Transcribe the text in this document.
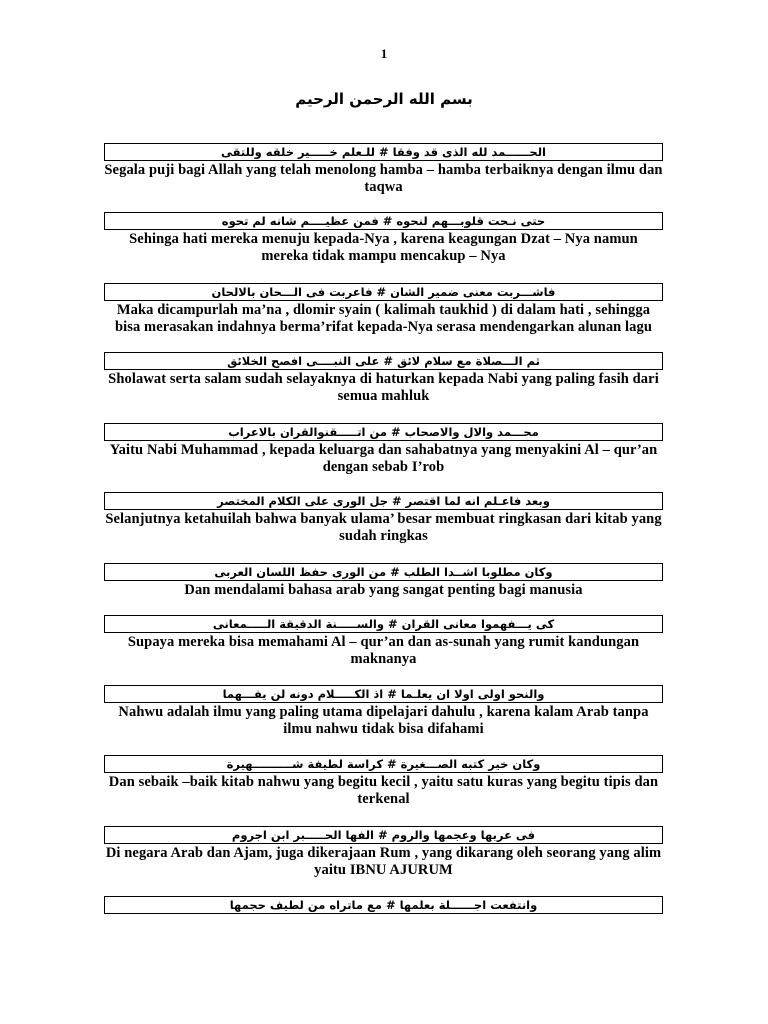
1
بسم الله الرحمن الرحيم
الحــــــمد لله الذى قد وفقا # للـعلم خـــــير خلقه وللتقى
Segala puji bagi Allah yang telah menolong hamba – hamba terbaiknya dengan ilmu dan taqwa
حتى نـحت قلوبـــهم لنحوه # فمن عظيــــم شانه لم تحوه
Sehinga hati mereka menuju kepada-Nya , karena keagungan Dzat – Nya namun mereka tidak mampu mencakup – Nya
فاشـــربت معنى ضمير الشان # فاعربت فى الـــحان بالالحان
Maka dicampurlah ma’na , dlomir syain ( kalimah taukhid ) di dalam hati , sehingga bisa merasakan indahnya berma’rifat kepada-Nya serasa mendengarkan alunan lagu
ثم الـــصلاة مع سلام لائق # على النبــــى افصح الخلائق
Sholawat serta salam sudah selayaknya di haturkan kepada Nabi yang paling fasih dari semua mahluk
محـــمد والال والاصحاب # من اتـــــقنوالقران بالاعراب
Yaitu Nabi Muhammad , kepada keluarga dan sahabatnya yang menyakini Al – qur’an dengan sebab I’rob
وبعد فاعـلم انه لما اقتصر # جل الورى على الكلام المختصر
Selanjutnya ketahuilah bahwa banyak ulama’ besar membuat ringkasan dari kitab yang sudah ringkas
وكان مطلوبا اشــدا الطلب # من الورى حفظ اللسان العربى
Dan mendalami bahasa arab yang sangat penting bagi manusia
كى يـــفهموا معانى القران # والســـــنة الدقيقة الـــــمعانى
Supaya mereka bisa memahami Al – qur’an dan as-sunah yang rumit kandungan maknanya
والنحو اولى اولا ان يعلـما # اذ الكـــــلام دونه لن يفـــهما
Nahwu adalah ilmu yang paling utama dipelajari dahulu , karena kalam Arab tanpa ilmu nahwu tidak bisa difahami
وكان خير كتبه الصـــغيرة # كراسة لطيفة شــــــــــهيرة
Dan sebaik –baik kitab nahwu yang begitu kecil , yaitu satu kuras yang begitu tipis dan terkenal
فى عربها وعجمها والروم # الفها الحـــــبر ابن اجروم
Di negara Arab dan Ajam, juga dikerajaan Rum , yang dikarang oleh seorang yang alim yaitu IBNU AJURUM
وانتفعت اجــــــلة بعلمها # مع ماتراه من لطيف حجمها
